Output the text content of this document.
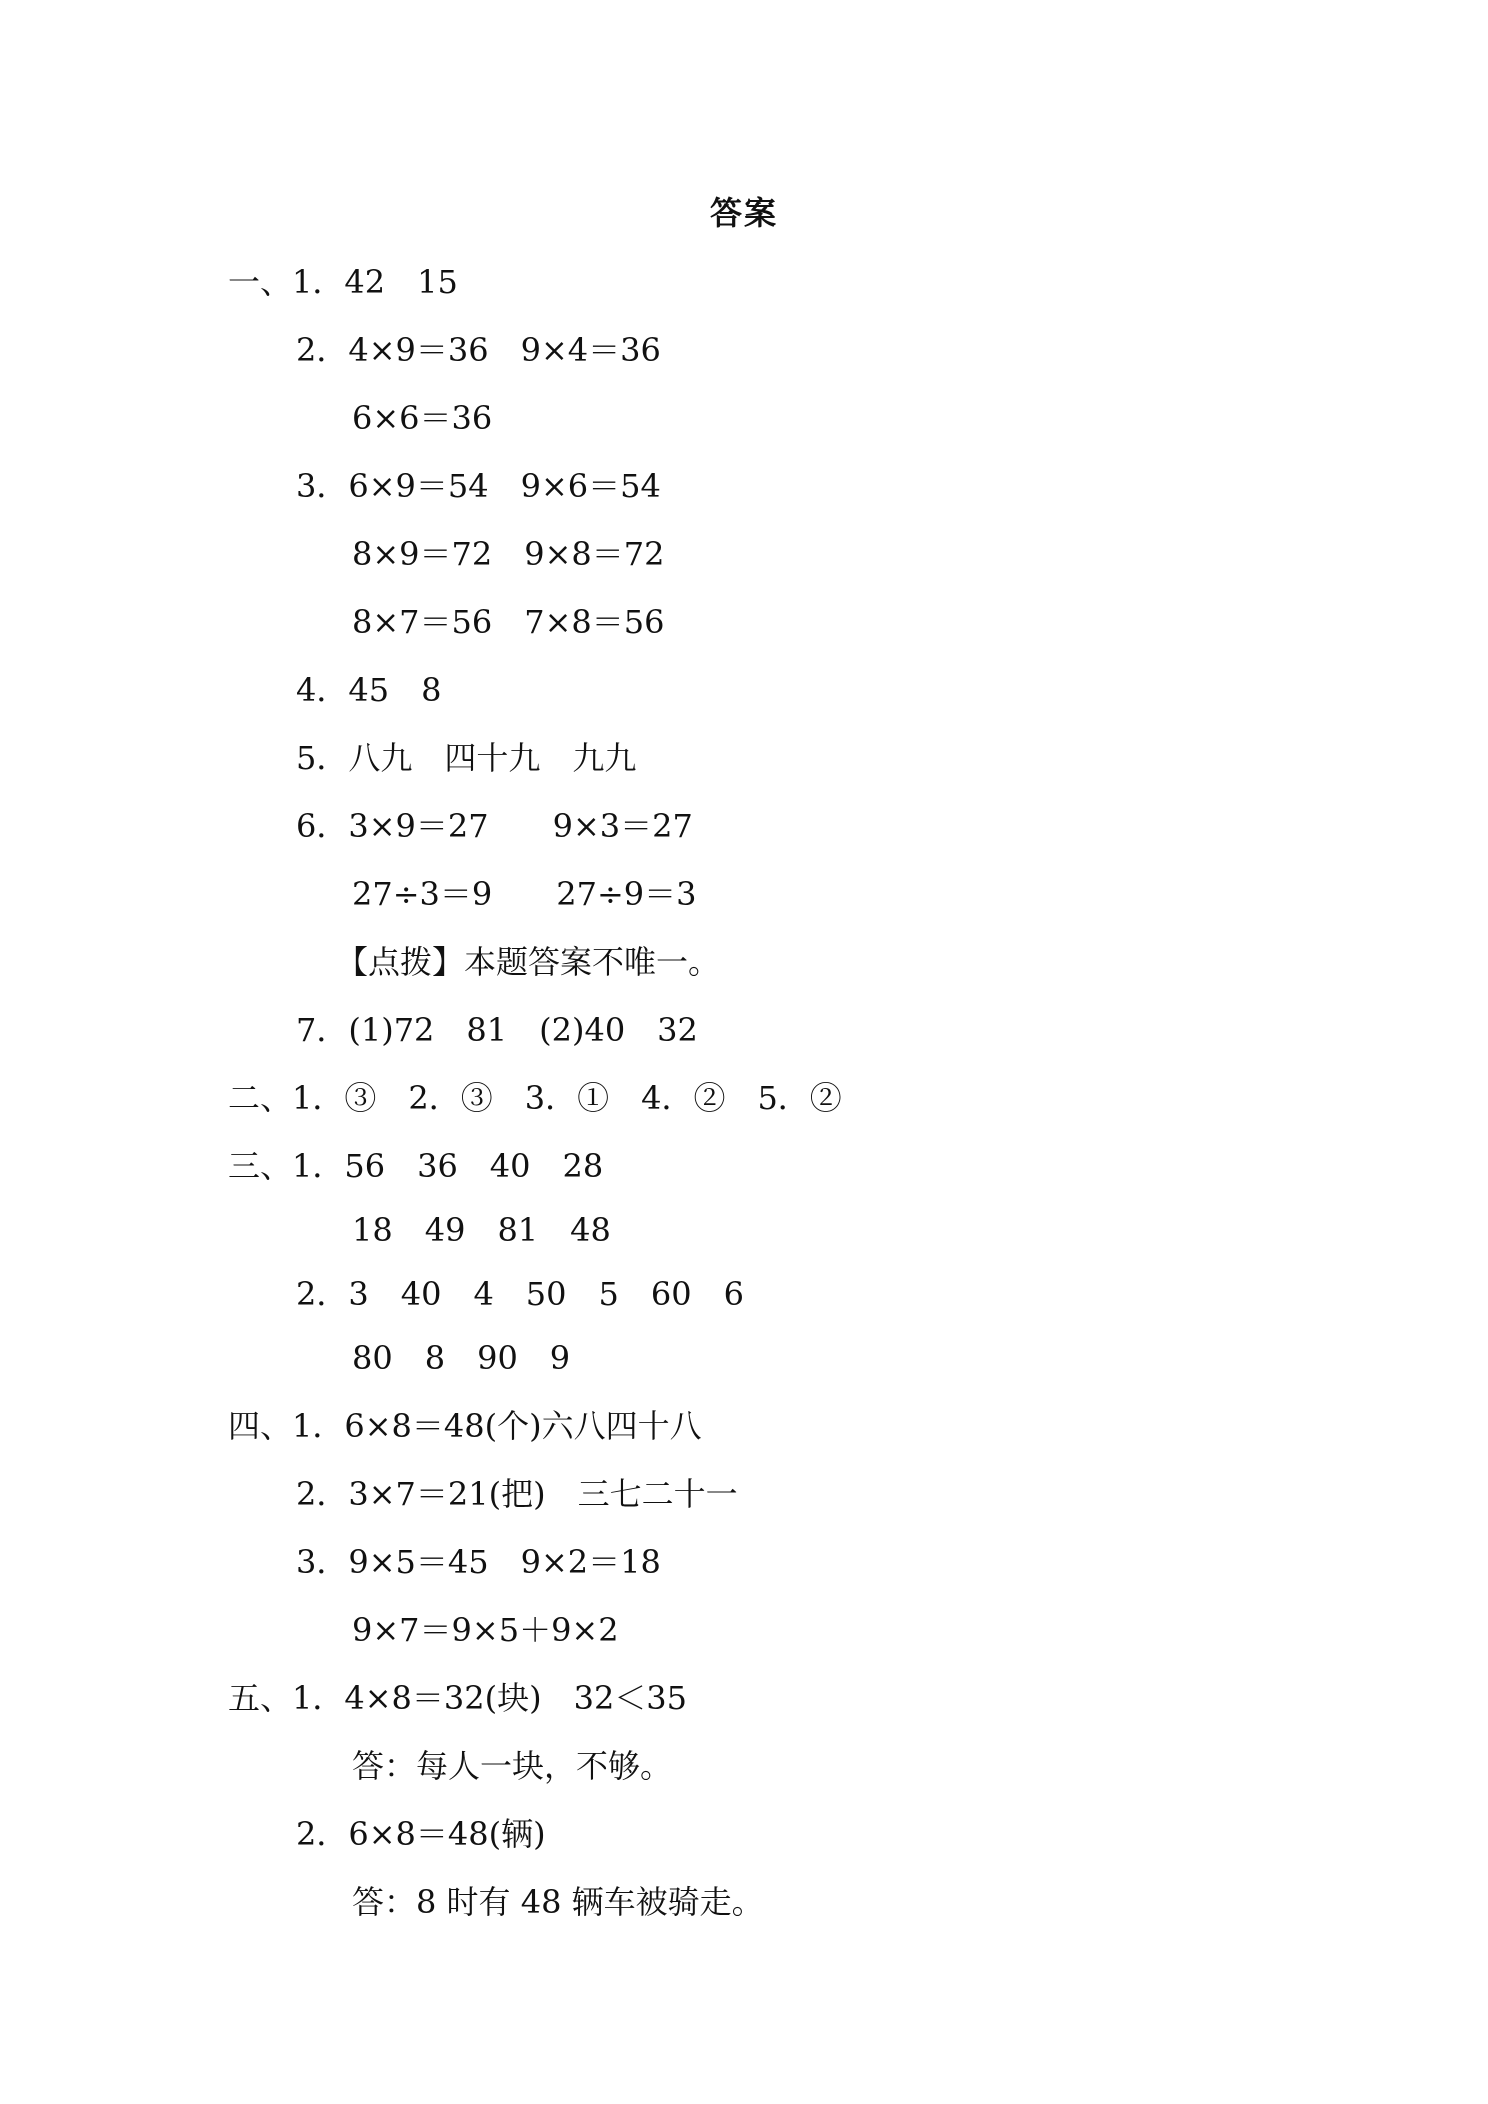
答案
一、1．42　15
2．4×9＝36　9×4＝36
6×6＝36
3．6×9＝54　9×6＝54
8×9＝72　9×8＝72
8×7＝56　7×8＝56
4．45　8
5．八九　四十九　九九
6．3×9＝27　　9×3＝27
27÷3＝9　　27÷9＝3
【点拨】本题答案不唯一。
7．(1)72　81　(2)40　32
二、1．③　2．③　3．①　4．②　5．②
三、1．56　36　40　28
18　49　81　48
2．3　40　4　50　5　60　6
80　8　90　9
四、1．6×8＝48(个)六八四十八
2．3×7＝21(把)　三七二十一
3．9×5＝45　9×2＝18
9×7＝9×5＋9×2
五、1．4×8＝32(块)　32＜35
答：每人一块，不够。
2．6×8＝48(辆)
答：8 时有 48 辆车被骑走。
